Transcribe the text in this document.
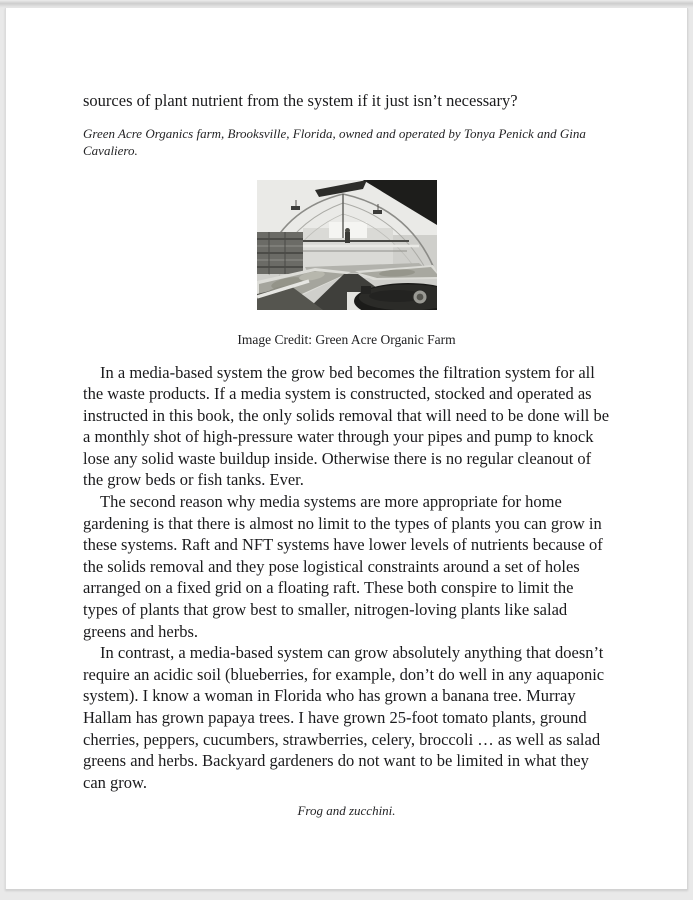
sources of plant nutrient from the system if it just isn’t necessary?

Green Acre Organics farm, Brooksville, Florida, owned and operated by Tonya Penick and Gina Cavaliero.

Image Credit: Green Acre Organic Farm

In a media-based system the grow bed becomes the filtration system for all the waste products. If a media system is constructed, stocked and operated as instructed in this book, the only solids removal that will need to be done will be a monthly shot of high-pressure water through your pipes and pump to knock lose any solid waste buildup inside. Otherwise there is no regular cleanout of the grow beds or fish tanks. Ever.

The second reason why media systems are more appropriate for home gardening is that there is almost no limit to the types of plants you can grow in these systems. Raft and NFT systems have lower levels of nutrients because of the solids removal and they pose logistical constraints around a set of holes arranged on a fixed grid on a floating raft. These both conspire to limit the types of plants that grow best to smaller, nitrogen-loving plants like salad greens and herbs.

In contrast, a media-based system can grow absolutely anything that doesn’t require an acidic soil (blueberries, for example, don’t do well in any aquaponic system). I know a woman in Florida who has grown a banana tree. Murray Hallam has grown papaya trees. I have grown 25-foot tomato plants, ground cherries, peppers, cucumbers, strawberries, celery, broccoli … as well as salad greens and herbs. Backyard gardeners do not want to be limited in what they can grow.

Frog and zucchini.
